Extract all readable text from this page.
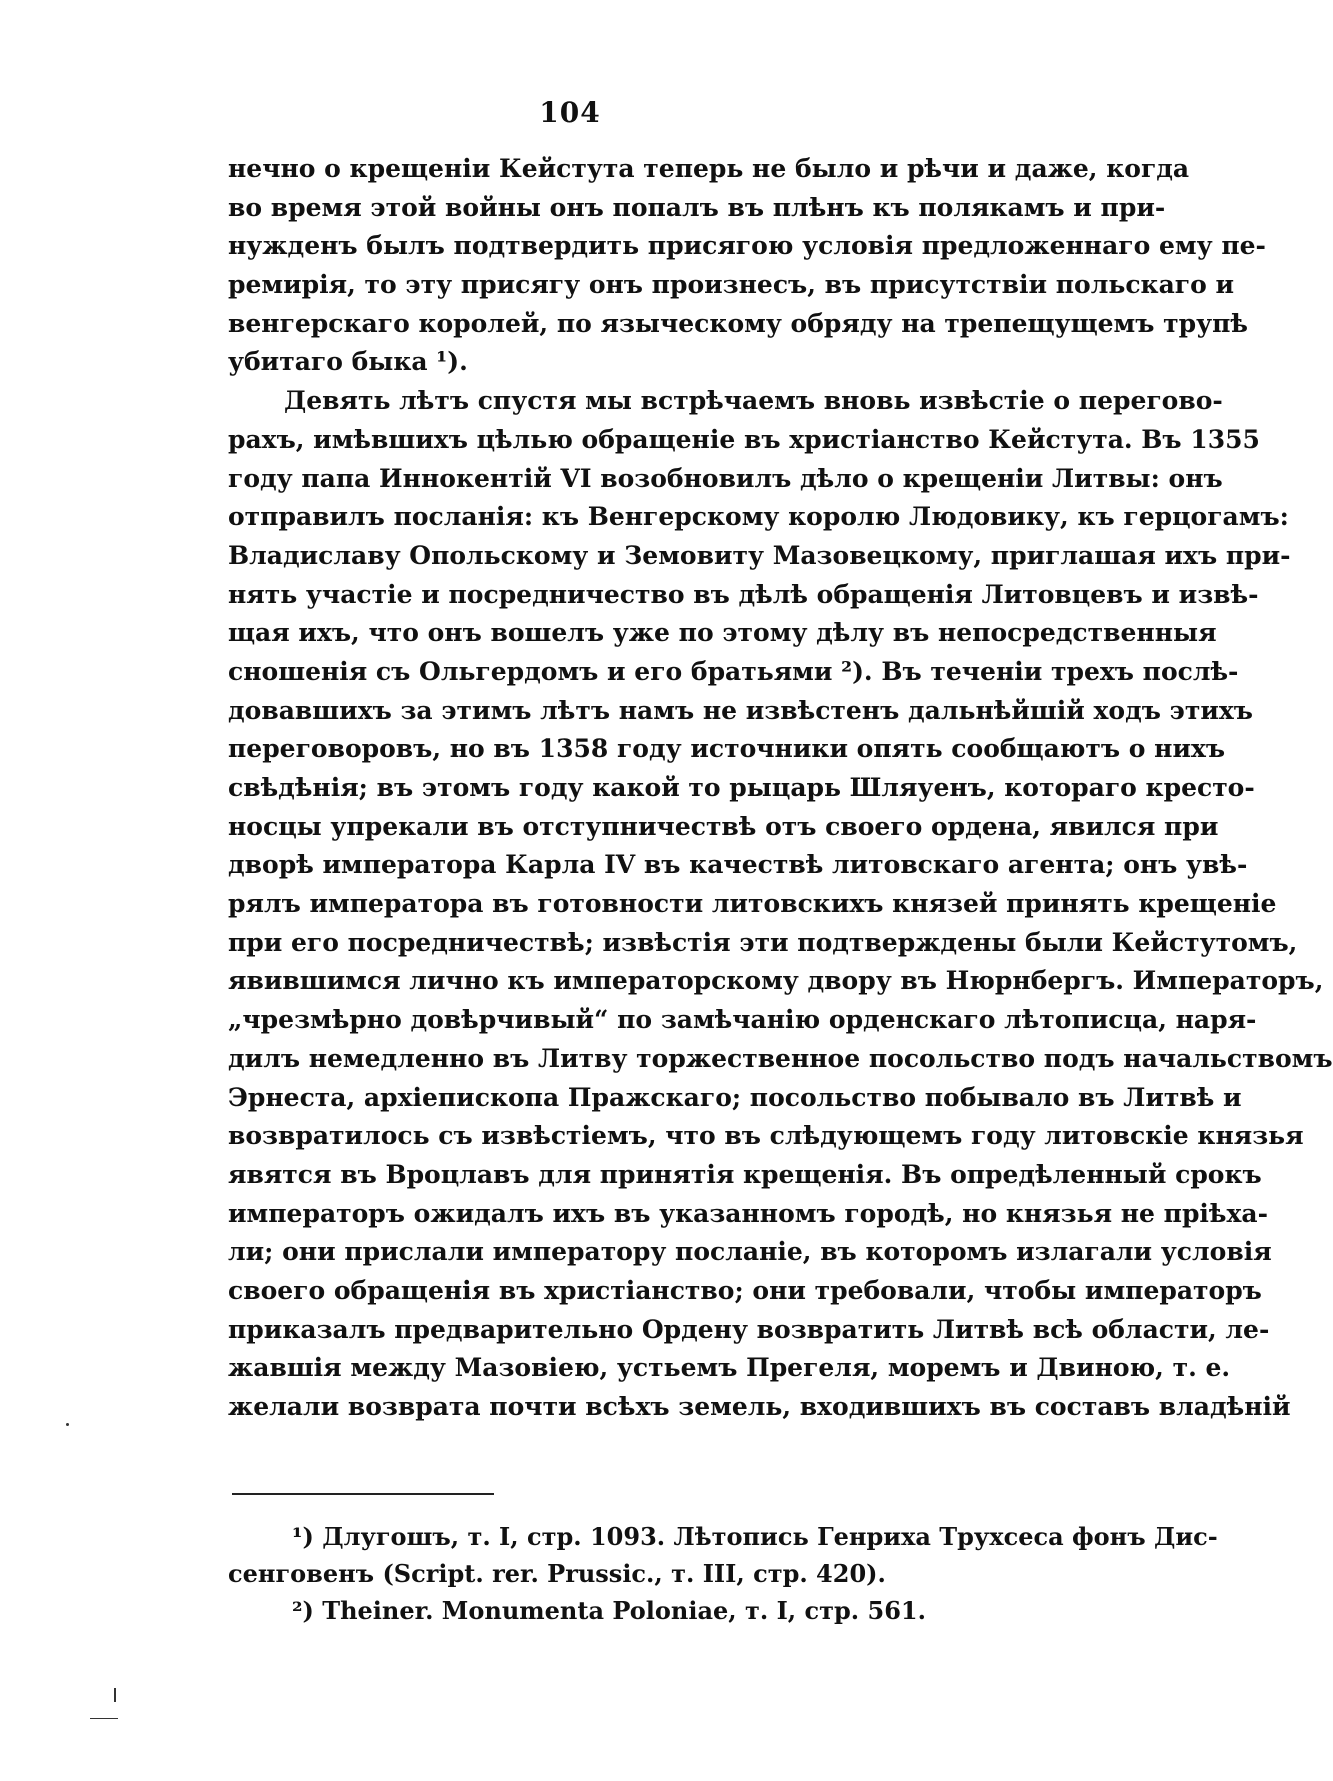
104
нечно о крещеніи Кейстута теперь не было и рѣчи и даже, когда
во время этой войны онъ попалъ въ плѣнъ къ полякамъ и при-
нужденъ былъ подтвердить присягою условія предложеннаго ему пе-
ремирія, то эту присягу онъ произнесъ, въ присутствіи польскаго и
венгерскаго королей, по языческому обряду на трепещущемъ трупѣ
убитаго быка ¹).
Девять лѣтъ спустя мы встрѣчаемъ вновь извѣстіе о перегово-
рахъ, имѣвшихъ цѣлью обращеніе въ христіанство Кейстута. Въ 1355
году папа Иннокентій VI возобновилъ дѣло о крещеніи Литвы: онъ
отправилъ посланія: къ Венгерскому королю Людовику, къ герцогамъ:
Владиславу Опольскому и Земовиту Мазовецкому, приглашая ихъ при-
нять участіе и посредничество въ дѣлѣ обращенія Литовцевъ и извѣ-
щая ихъ, что онъ вошелъ уже по этому дѣлу въ непосредственныя
сношенія съ Ольгердомъ и его братьями ²). Въ теченіи трехъ послѣ-
довавшихъ за этимъ лѣтъ намъ не извѣстенъ дальнѣйшій ходъ этихъ
переговоровъ, но въ 1358 году источники опять сообщаютъ о нихъ
свѣдѣнія; въ этомъ году какой то рыцарь Шляуенъ, котораго кресто-
носцы упрекали въ отступничествѣ отъ своего ордена, явился при
дворѣ императора Карла IV въ качествѣ литовскаго агента; онъ увѣ-
рялъ императора въ готовности литовскихъ князей принять крещеніе
при его посредничествѣ; извѣстія эти подтверждены были Кейстутомъ,
явившимся лично къ императорскому двору въ Нюрнбергъ. Императоръ,
„чрезмѣрно довѣрчивый“ по замѣчанію орденскаго лѣтописца, наря-
дилъ немедленно въ Литву торжественное посольство подъ начальствомъ
Эрнеста, архіепископа Пражскаго; посольство побывало въ Литвѣ и
возвратилось съ извѣстіемъ, что въ слѣдующемъ году литовскіе князья
явятся въ Вроцлавъ для принятія крещенія. Въ опредѣленный срокъ
императоръ ожидалъ ихъ въ указанномъ городѣ, но князья не пріѣха-
ли; они прислали императору посланіе, въ которомъ излагали условія
своего обращенія въ христіанство; они требовали, чтобы императоръ
приказалъ предварительно Ордену возвратить Литвѣ всѣ области, ле-
жавшія между Мазовіею, устьемъ Прегеля, моремъ и Двиною, т. е.
желали возврата почти всѣхъ земель, входившихъ въ составъ владѣній
¹) Длугошъ, т. I, стр. 1093. Лѣтопись Генриха Трухсеса фонъ Дис-
сенговенъ (Script. rer. Prussic., т. III, стр. 420).
²) Theiner. Monumenta Poloniae, т. I, стр. 561.
